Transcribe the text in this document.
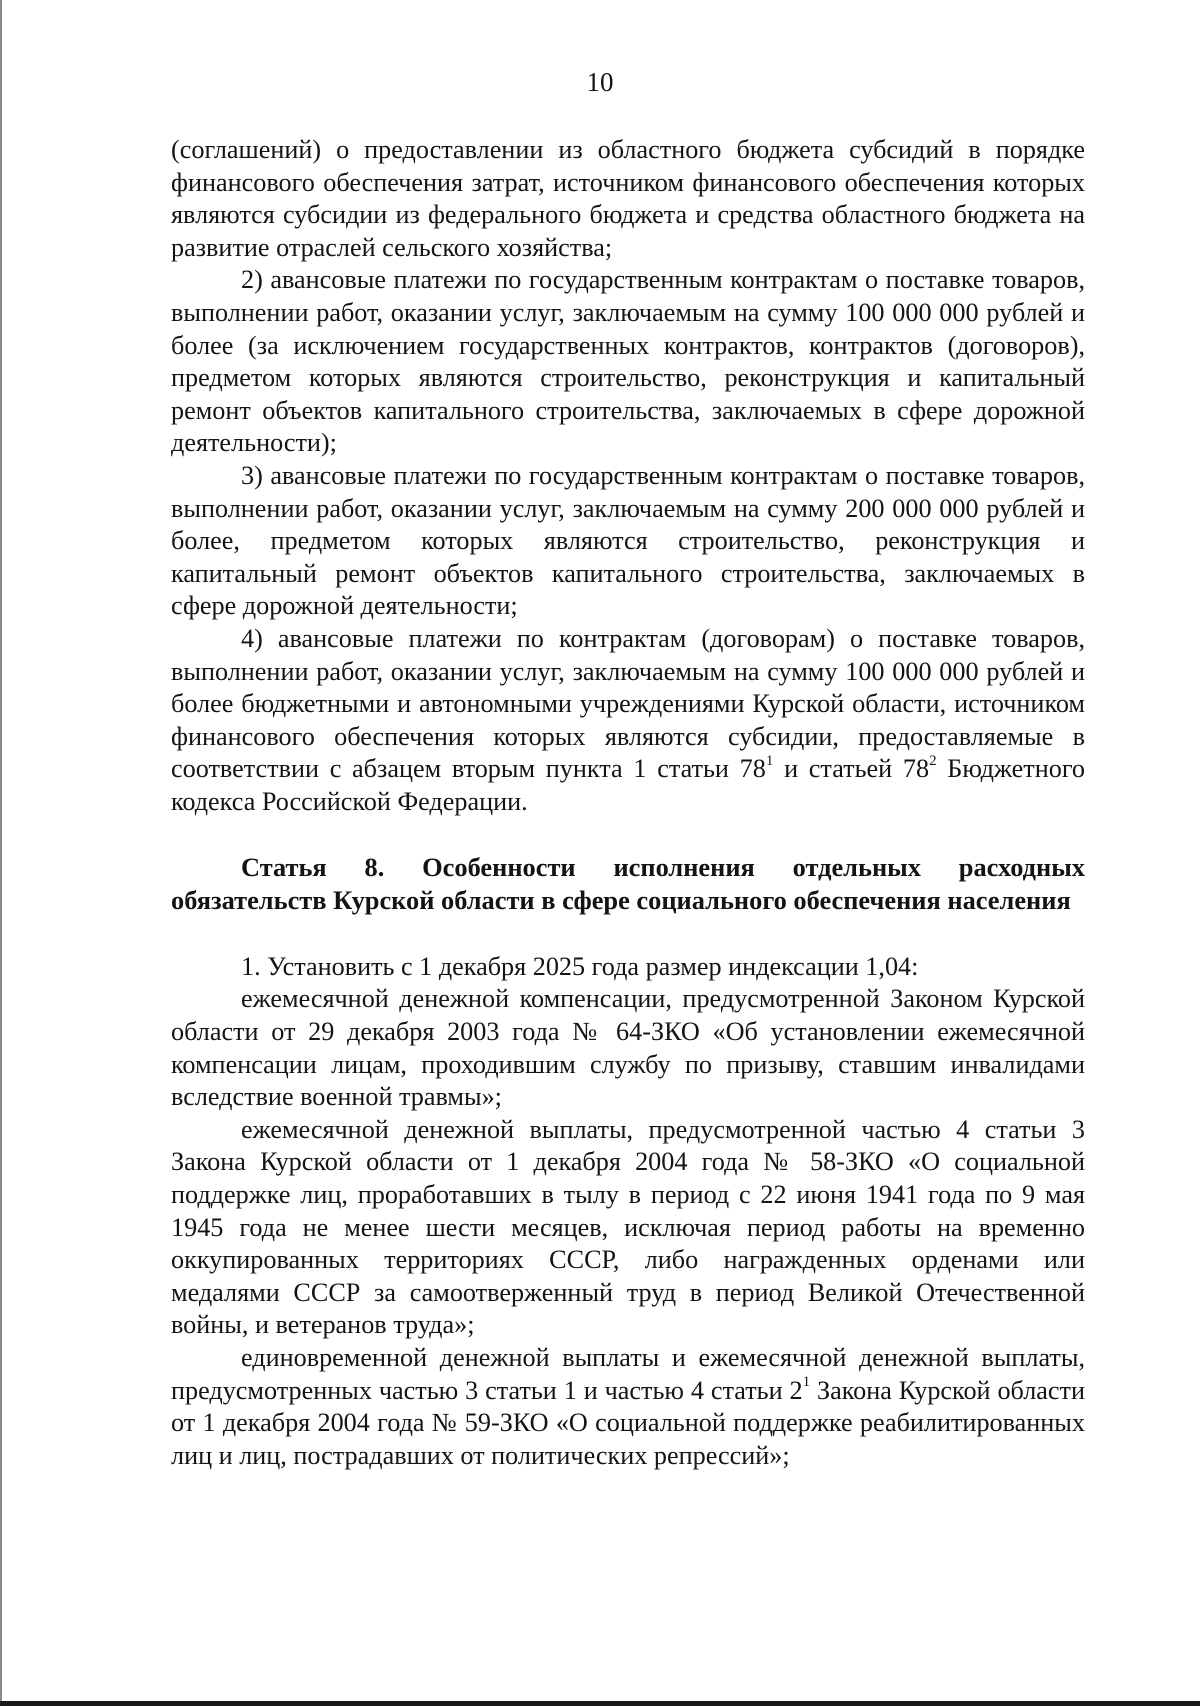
10

(соглашений) о предоставлении из областного бюджета субсидий в порядке финансового обеспечения затрат, источником финансового обеспечения которых являются субсидии из федерального бюджета и средства областного бюджета на развитие отраслей сельского хозяйства;

2) авансовые платежи по государственным контрактам о поставке товаров, выполнении работ, оказании услуг, заключаемым на сумму 100 000 000 рублей и более (за исключением государственных контрактов, контрактов (договоров), предметом которых являются строительство, реконструкция и капитальный ремонт объектов капитального строительства, заключаемых в сфере дорожной деятельности);

3) авансовые платежи по государственным контрактам о поставке товаров, выполнении работ, оказании услуг, заключаемым на сумму 200 000 000 рублей и более, предметом которых являются строительство, реконструкция и капитальный ремонт объектов капитального строительства, заключаемых в сфере дорожной деятельности;

4) авансовые платежи по контрактам (договорам) о поставке товаров, выполнении работ, оказании услуг, заключаемым на сумму 100 000 000 рублей и более бюджетными и автономными учреждениями Курской области, источником финансового обеспечения которых являются субсидии, предоставляемые в соответствии с абзацем вторым пункта 1 статьи $78^1$ и статьей $78^2$ Бюджетного кодекса Российской Федерации.

Статья 8. Особенности исполнения отдельных расходных обязательств Курской области в сфере социального обеспечения населения

1. Установить с 1 декабря 2025 года размер индексации 1,04:

ежемесячной денежной компенсации, предусмотренной Законом Курской области от 29 декабря 2003 года № 64-ЗКО «Об установлении ежемесячной компенсации лицам, проходившим службу по призыву, ставшим инвалидами вследствие военной травмы»;

ежемесячной денежной выплаты, предусмотренной частью 4 статьи 3 Закона Курской области от 1 декабря 2004 года № 58-ЗКО «О социальной поддержке лиц, проработавших в тылу в период с 22 июня 1941 года по 9 мая 1945 года не менее шести месяцев, исключая период работы на временно оккупированных территориях СССР, либо награжденных орденами или медалями СССР за самоотверженный труд в период Великой Отечественной войны, и ветеранов труда»;

единовременной денежной выплаты и ежемесячной денежной выплаты, предусмотренных частью 3 статьи 1 и частью 4 статьи $2^1$ Закона Курской области от 1 декабря 2004 года № 59-ЗКО «О социальной поддержке реабилитированных лиц и лиц, пострадавших от политических репрессий»;
